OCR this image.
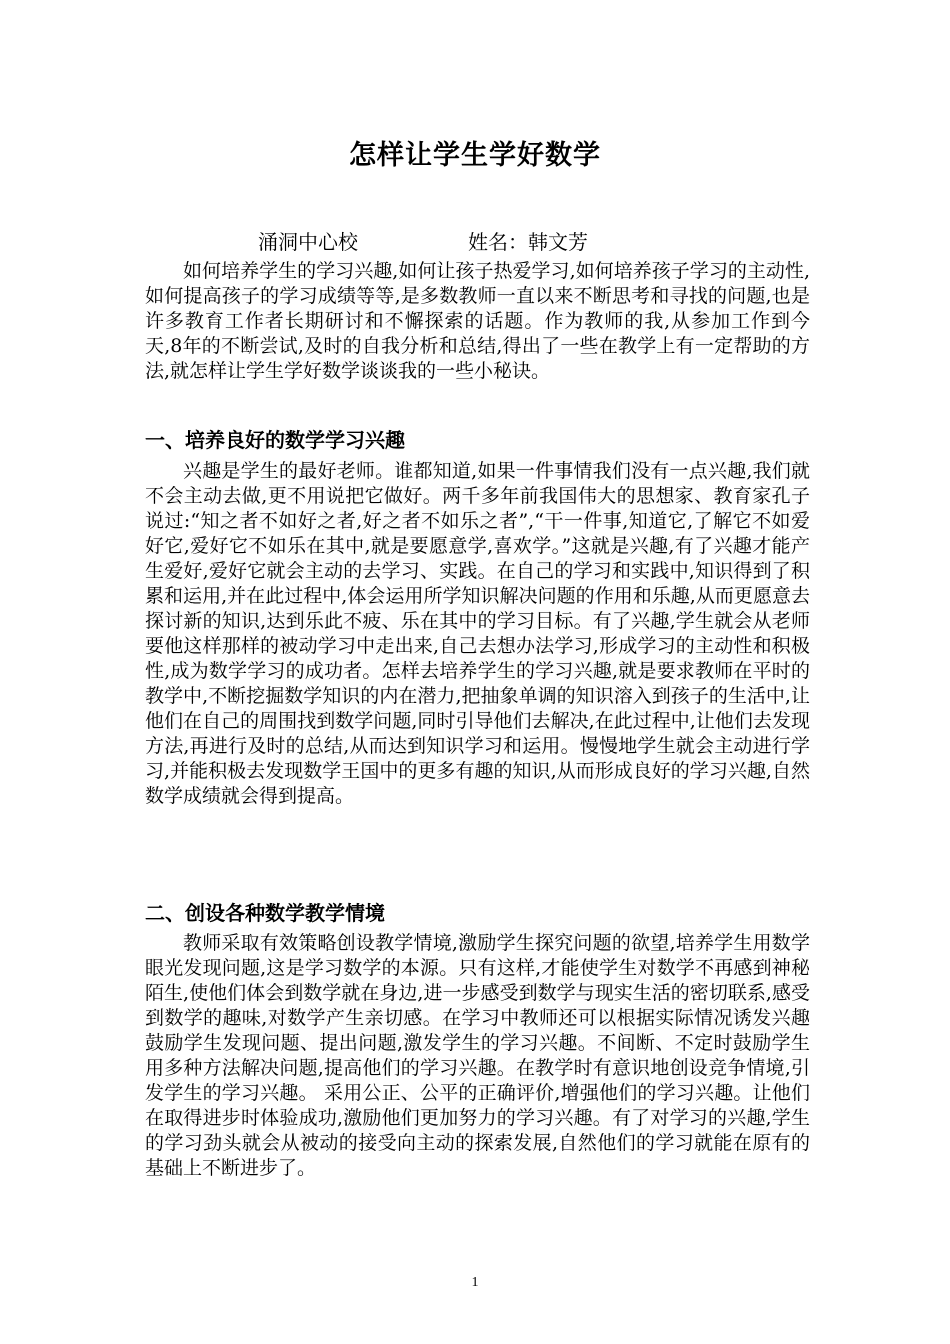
怎样让学生学好数学
涌洞中心校	姓名：韩文芳

如何培养学生的学习兴趣,如何让孩子热爱学习,如何培养孩子学习的主动性,如何提高孩子的学习成绩等等,是多数教师一直以来不断思考和寻找的问题,也是许多教育工作者长期研讨和不懈探索的话题。作为教师的我,从参加工作到今天,8年的不断尝试,及时的自我分析和总结,得出了一些在教学上有一定帮助的方法,就怎样让学生学好数学谈谈我的一些小秘诀。

一、培养良好的数学学习兴趣

兴趣是学生的最好老师。谁都知道,如果一件事情我们没有一点兴趣,我们就不会主动去做,更不用说把它做好。两千多年前我国伟大的思想家、教育家孔子说过:“知之者不如好之者,好之者不如乐之者”,“干一件事,知道它,了解它不如爱好它,爱好它不如乐在其中,就是要愿意学,喜欢学。”这就是兴趣,有了兴趣才能产生爱好,爱好它就会主动的去学习、实践。在自己的学习和实践中,知识得到了积累和运用,并在此过程中,体会运用所学知识解决问题的作用和乐趣,从而更愿意去探讨新的知识,达到乐此不疲、乐在其中的学习目标。有了兴趣,学生就会从老师要他这样那样的被动学习中走出来,自己去想办法学习,形成学习的主动性和积极性,成为数学学习的成功者。怎样去培养学生的学习兴趣,就是要求教师在平时的教学中,不断挖掘数学知识的内在潜力,把抽象单调的知识溶入到孩子的生活中,让他们在自己的周围找到数学问题,同时引导他们去解决,在此过程中,让他们去发现方法,再进行及时的总结,从而达到知识学习和运用。慢慢地学生就会主动进行学习,并能积极去发现数学王国中的更多有趣的知识,从而形成良好的学习兴趣,自然数学成绩就会得到提高。

二、创设各种数学教学情境

教师采取有效策略创设教学情境,激励学生探究问题的欲望,培养学生用数学眼光发现问题,这是学习数学的本源。只有这样,才能使学生对数学不再感到神秘陌生,使他们体会到数学就在身边,进一步感受到数学与现实生活的密切联系,感受到数学的趣味,对数学产生亲切感。在学习中教师还可以根据实际情况诱发兴趣鼓励学生发现问题、提出问题,激发学生的学习兴趣。不间断、不定时鼓励学生用多种方法解决问题,提高他们的学习兴趣。在教学时有意识地创设竞争情境,引发学生的学习兴趣。 采用公正、公平的正确评价,增强他们的学习兴趣。让他们在取得进步时体验成功,激励他们更加努力的学习兴趣。有了对学习的兴趣,学生的学习劲头就会从被动的接受向主动的探索发展,自然他们的学习就能在原有的基础上不断进步了。

1
